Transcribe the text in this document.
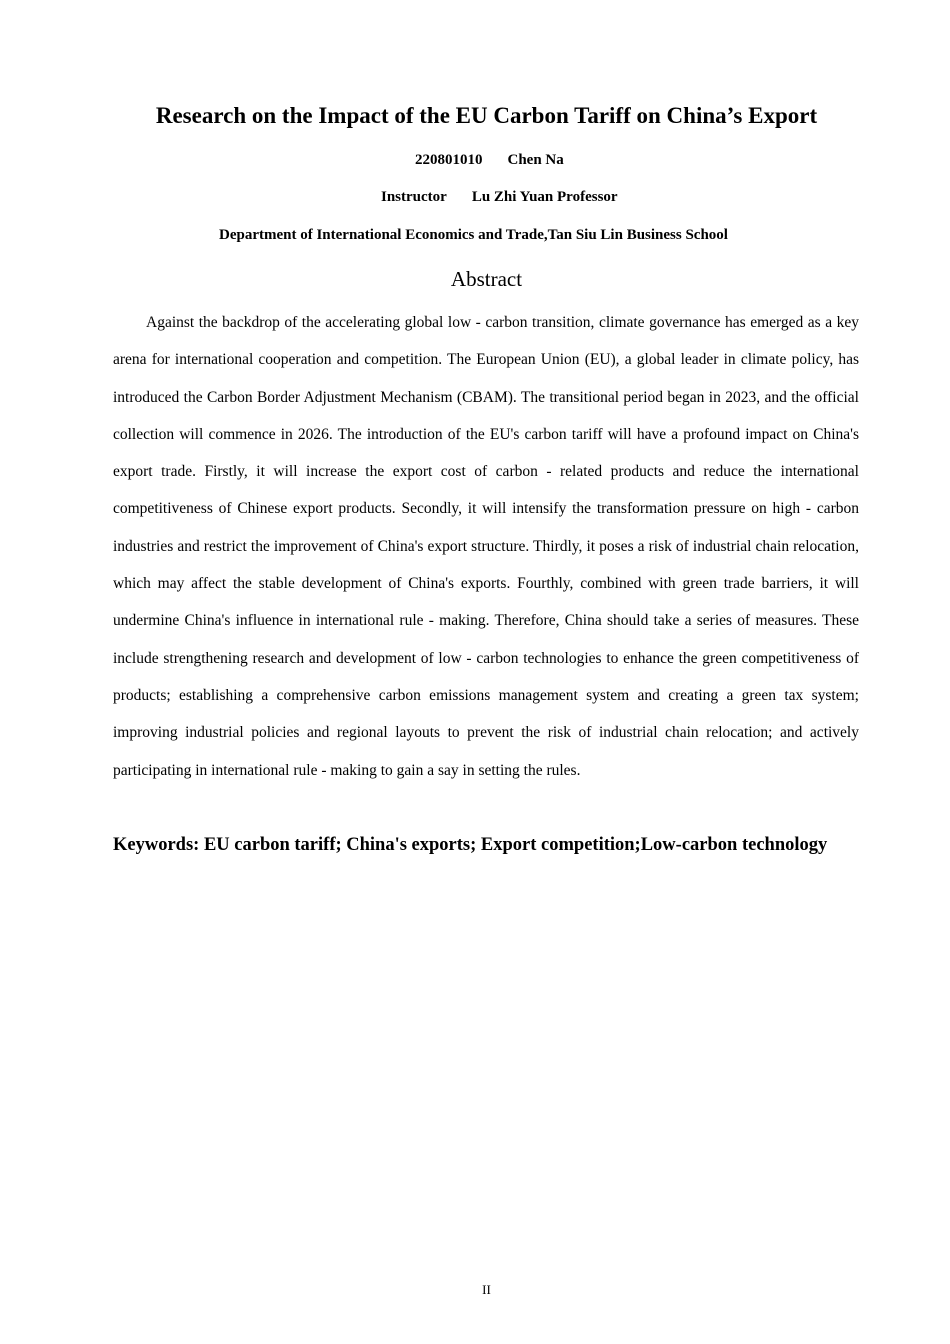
Research on the Impact of the EU Carbon Tariff on China’s Export
220801010 Chen Na
Instructor Lu Zhi Yuan Professor
Department of International Economics and Trade,Tan Siu Lin Business School
Abstract

Against the backdrop of the accelerating global low - carbon transition, climate governance has emerged as a key arena for international cooperation and competition. The European Union (EU), a global leader in climate policy, has introduced the Carbon Border Adjustment Mechanism (CBAM). The transitional period began in 2023, and the official collection will commence in 2026. The introduction of the EU's carbon tariff will have a profound impact on China's export trade. Firstly, it will increase the export cost of carbon - related products and reduce the international competitiveness of Chinese export products. Secondly, it will intensify the transformation pressure on high - carbon industries and restrict the improvement of China's export structure. Thirdly, it poses a risk of industrial chain relocation, which may affect the stable development of China's exports. Fourthly, combined with green trade barriers, it will undermine China's influence in international rule - making. Therefore, China should take a series of measures. These include strengthening research and development of low - carbon technologies to enhance the green competitiveness of products; establishing a comprehensive carbon emissions management system and creating a green tax system; improving industrial policies and regional layouts to prevent the risk of industrial chain relocation; and actively participating in international rule - making to gain a say in setting the rules.

Keywords: EU carbon tariff; China's exports; Export competition;Low-carbon technology
II
